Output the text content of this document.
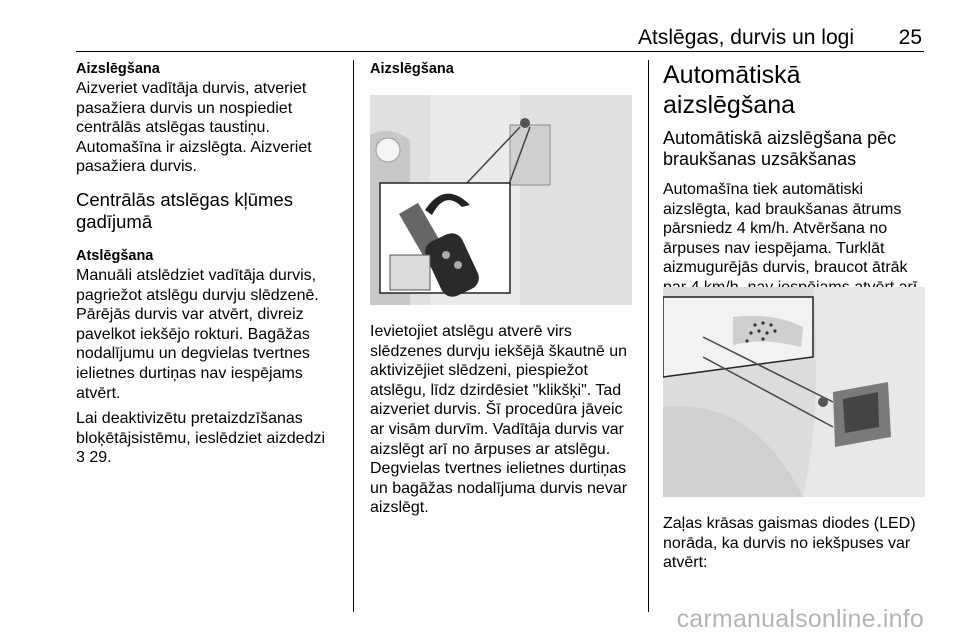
Atslēgas, durvis un logi 25

Aizslēgšana

Aizveriet vadītāja durvis, atveriet pasažiera durvis un nospiediet centrālās atslēgas taustiņu. Automašīna ir aizslēgta. Aizveriet pasažiera durvis.

Centrālās atslēgas kļūmes gadījumā

Atslēgšana

Manuāli atslēdziet vadītāja durvis, pagriežot atslēgu durvju slēdzenē. Pārējās durvis var atvērt, divreiz pavelkot iekšējo rokturi. Bagāžas nodalījumu un degvielas tvertnes ielietnes durtiņas nav iespējams atvērt.

Lai deaktivizētu pretaizdzīšanas bloķētājsistēmu, ieslēdziet aizdedzi 3 29.

Aizslēgšana

Ievietojiet atslēgu atverē virs slēdzenes durvju iekšējā škautnē un aktivizējiet slēdzeni, piespiežot atslēgu, līdz dzirdēsiet "klikšķi". Tad aizveriet durvis. Šī procedūra jāveic ar visām durvīm. Vadītāja durvis var aizslēgt arī no ārpuses ar atslēgu. Degvielas tvertnes ielietnes durtiņas un bagāžas nodalījuma durvis nevar aizslēgt.

Automātiskā aizslēgšana

Automātiskā aizslēgšana pēc braukšanas uzsākšanas

Automašīna tiek automātiski aizslēgta, kad braukšanas ātrums pārsniedz 4 km/h. Atvēršana no ārpuses nav iespējama. Turklāt aizmugurējās durvis, braucot ātrāk

Zaļas krāsas gaismas diodes (LED) norāda, ka durvis no iekšpuses var atvērt:

carmanualsonline.info
